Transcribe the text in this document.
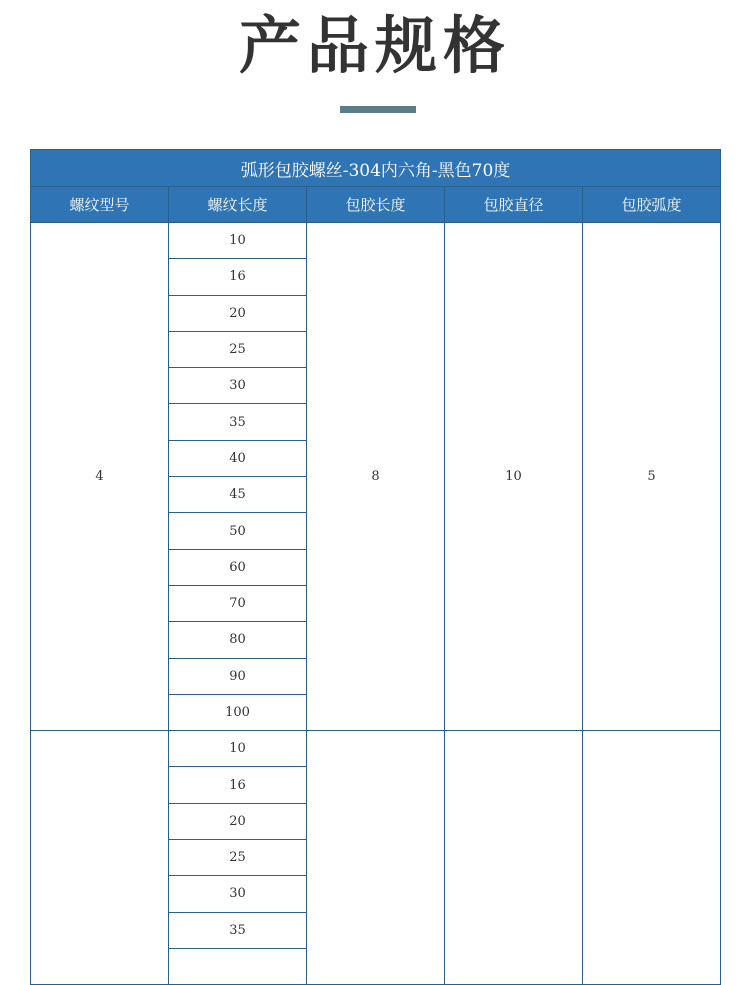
产品规格
弧形包胶螺丝-304内六角-黑色70度				
螺纹型号	螺纹长度	包胶长度	包胶直径	包胶弧度
4	10	8	10	5
	16			
	20			
	25			
	30			
	35			
	40			
	45			
	50			
	60			
	70			
	80			
	90			
	100			
	10			
	16			
	20			
	25			
	30			
	35			
